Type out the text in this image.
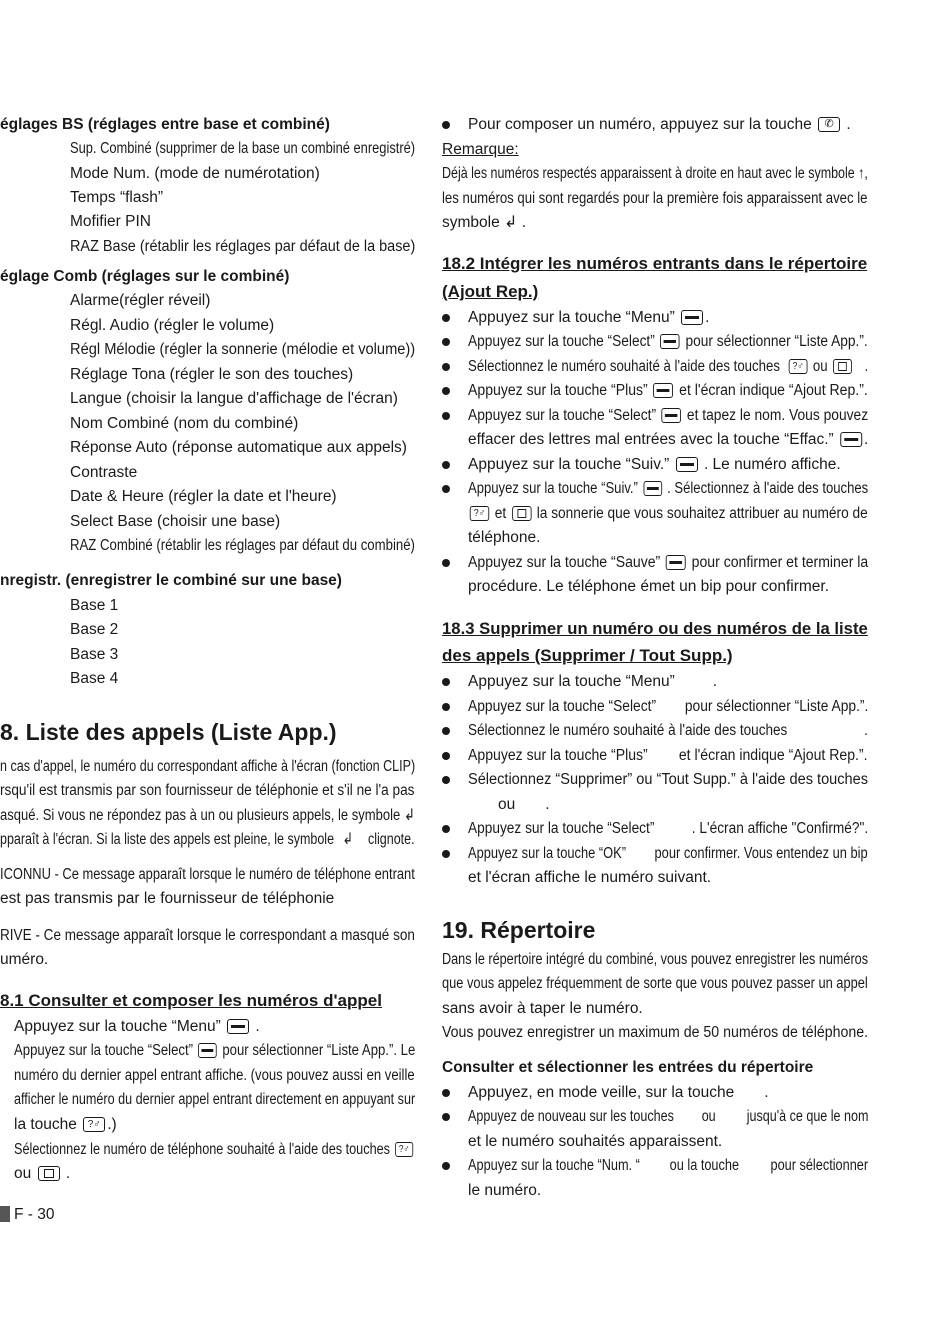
églages BS (réglages entre base et combiné)
Sup. Combiné (supprimer de la base un combiné enregistré)
Mode Num. (mode de numérotation)
Temps “flash”
Mofifier PIN
RAZ Base (rétablir les réglages par défaut de la base)
églage Comb (réglages sur le combiné)
Alarme(régler réveil)
Régl. Audio (régler le volume)
Régl Mélodie (régler la sonnerie (mélodie et volume))
Réglage Tona (régler le son des touches)
Langue (choisir la langue d'affichage de l'écran)
Nom Combiné (nom du combiné)
Réponse Auto (réponse automatique aux appels)
Contraste
Date & Heure (régler la date et l'heure)
Select Base (choisir une base)
RAZ Combiné (rétablir les réglages par défaut du combiné)
nregistr. (enregistrer le combiné sur une base)
Base 1
Base 2
Base 3
Base 4
8. Liste des appels (Liste App.)
n cas d'appel, le numéro du correspondant affiche à l'écran (fonction CLIP)
rsqu'il est transmis par son fournisseur de téléphonie et s'il ne l'a pas
asqué. Si vous ne répondez pas à un ou plusieurs appels, le symbole ↲
pparaît à l'écran. Si la liste des appels est pleine, le symbole ↲ clignote.
ICONNU - Ce message apparaît lorsque le numéro de téléphone entrant
est pas transmis par le fournisseur de téléphonie
RIVE - Ce message apparaît lorsque le correspondant a masqué son
uméro.
8.1 Consulter et composer les numéros d'appel
Appuyez sur la touche “Menu”  .
Appuyez sur la touche “Select” pour sélectionner “Liste App.”. Le
numéro du dernier appel entrant affiche. (vous pouvez aussi en veille
afficher le numéro du dernier appel entrant directement en appuyant sur
la touche ?♂ .)
Sélectionnez le numéro de téléphone souhaité à l'aide des touches ?♂
ou .
F - 30
Pour composer un numéro, appuyez sur la touche ✆ .
Remarque:
Déjà les numéros respectés apparaissent à droite en haut avec le symbole ↑,
les numéros qui sont regardés pour la première fois apparaissent avec le
symbole ↲ .
18.2 Intégrer les numéros entrants dans le répertoire
(Ajout Rep.)
Appuyez sur la touche “Menu” .
Appuyez sur la touche “Select” pour sélectionner “Liste App.”.
Sélectionnez le numéro souhaité à l'aide des touches ?♂ ou    .
Appuyez sur la touche “Plus” et l'écran indique “Ajout Rep.”.
Appuyez sur la touche “Select” et tapez le nom. Vous pouvez
effacer des lettres mal entrées avec la touche “Effac.” .
Appuyez sur la touche “Suiv.” . Le numéro affiche.
Appuyez sur la touche “Suiv.” . Sélectionnez à l'aide des touches
?♂ et la sonnerie que vous souhaitez attribuer au numéro de
téléphone.
Appuyez sur la touche “Sauve” pour confirmer et terminer la
procédure. Le téléphone émet un bip pour confirmer.
18.3 Supprimer un numéro ou des numéros de la liste
des appels (Supprimer / Tout Supp.)
Appuyez sur la touche “Menu” .
Appuyez sur la touche “Select” pour sélectionner “Liste App.”.
Sélectionnez le numéro souhaité à l'aide des touches	.
Appuyez sur la touche “Plus” et l'écran indique “Ajout Rep.”.
Sélectionnez “Supprimer” ou “Tout Supp.” à l'aide des touches
ou .
Appuyez sur la touche “Select” . L'écran affiche "Confirmé?".
Appuyez sur la touche “OK” pour confirmer. Vous entendez un bip
et l'écran affiche le numéro suivant.
19. Répertoire
Dans le répertoire intégré du combiné, vous pouvez enregistrer les numéros
que vous appelez fréquemment de sorte que vous pouvez passer un appel
sans avoir à taper le numéro.
Vous pouvez enregistrer un maximum de 50 numéros de téléphone.
Consulter et sélectionner les entrées du répertoire
Appuyez, en mode veille, sur la touche .
Appuyez de nouveau sur les touches ou jusqu'à ce que le nom
et le numéro souhaités apparaissent.
Appuyez sur la touche “Num. “ ou la touche pour sélectionner
le numéro.
